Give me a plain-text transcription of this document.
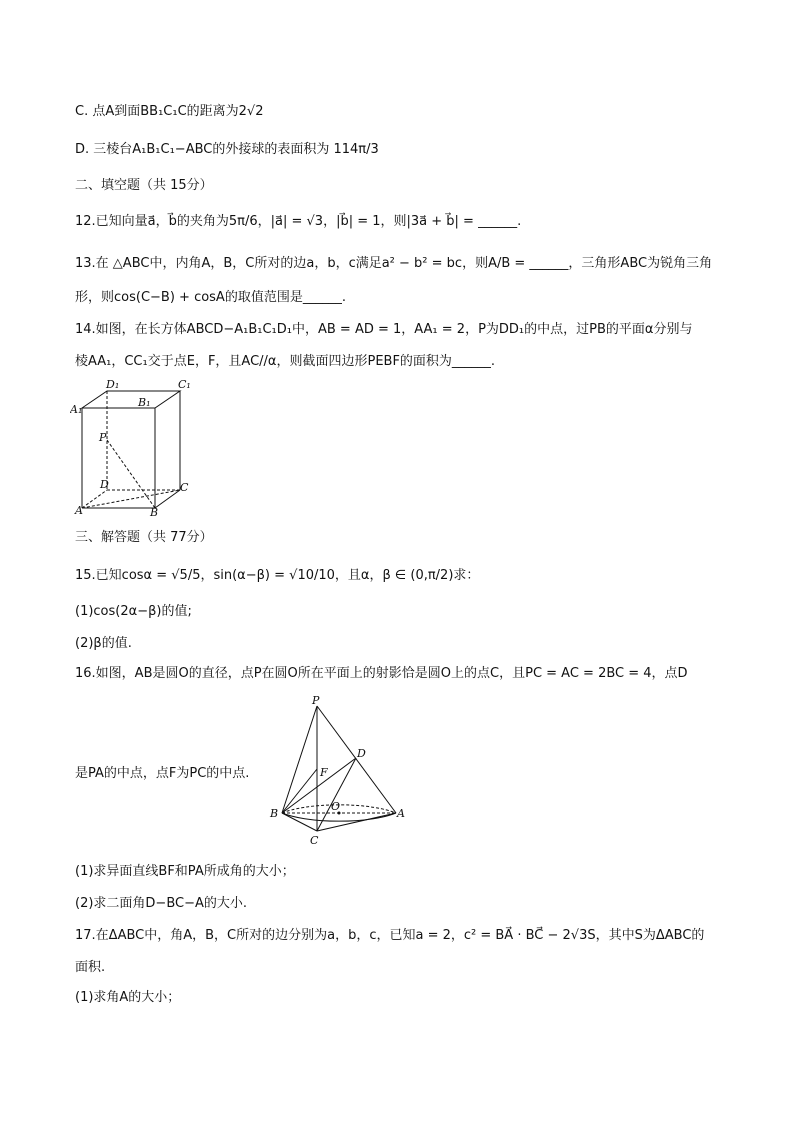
C. 点A到面BB₁C₁C的距离为2√2
D. 三棱台A₁B₁C₁−ABC的外接球的表面积为 114π/3
二、填空题（共 15分）
12.已知向量a⃗，b⃗的夹角为5π/6，|a⃗| = √3，|b⃗| = 1，则|3a⃗ + b⃗| = ______.
13.在 △ABC中，内角A，B，C所对的边a，b，c满足a² − b² = bc，则A/B = ______，三角形ABC为锐角三角
形，则cos(C−B) + cosA的取值范围是______.
14.如图，在长方体ABCD−A₁B₁C₁D₁中，AB = AD = 1，AA₁ = 2，P为DD₁的中点，过PB的平面α分别与
棱AA₁，CC₁交于点E，F，且AC//α，则截面四边形PEBF的面积为______.
D₁	C₁
A₁
B₁
P
D	C
A	B
三、解答题（共 77分）
15.已知cosα = √5/5，sin(α−β) = √10/10，且α，β ∈ (0,π/2)求：
(1)cos(2α−β)的值;
(2)β的值.
16.如图，AB是圆O的直径，点P在圆O所在平面上的射影恰是圆O上的点C，且PC = AC = 2BC = 4，点D
是PA的中点，点F为PC的中点.
P
D
F
O
B	A
C
(1)求异面直线BF和PA所成角的大小；
(2)求二面角D−BC−A的大小.
17.在ΔABC中，角A，B，C所对的边分别为a，b，c，已知a = 2，c² = BA⃗ · BC⃗ − 2√3S，其中S为ΔABC的
面积.
(1)求角A的大小；
